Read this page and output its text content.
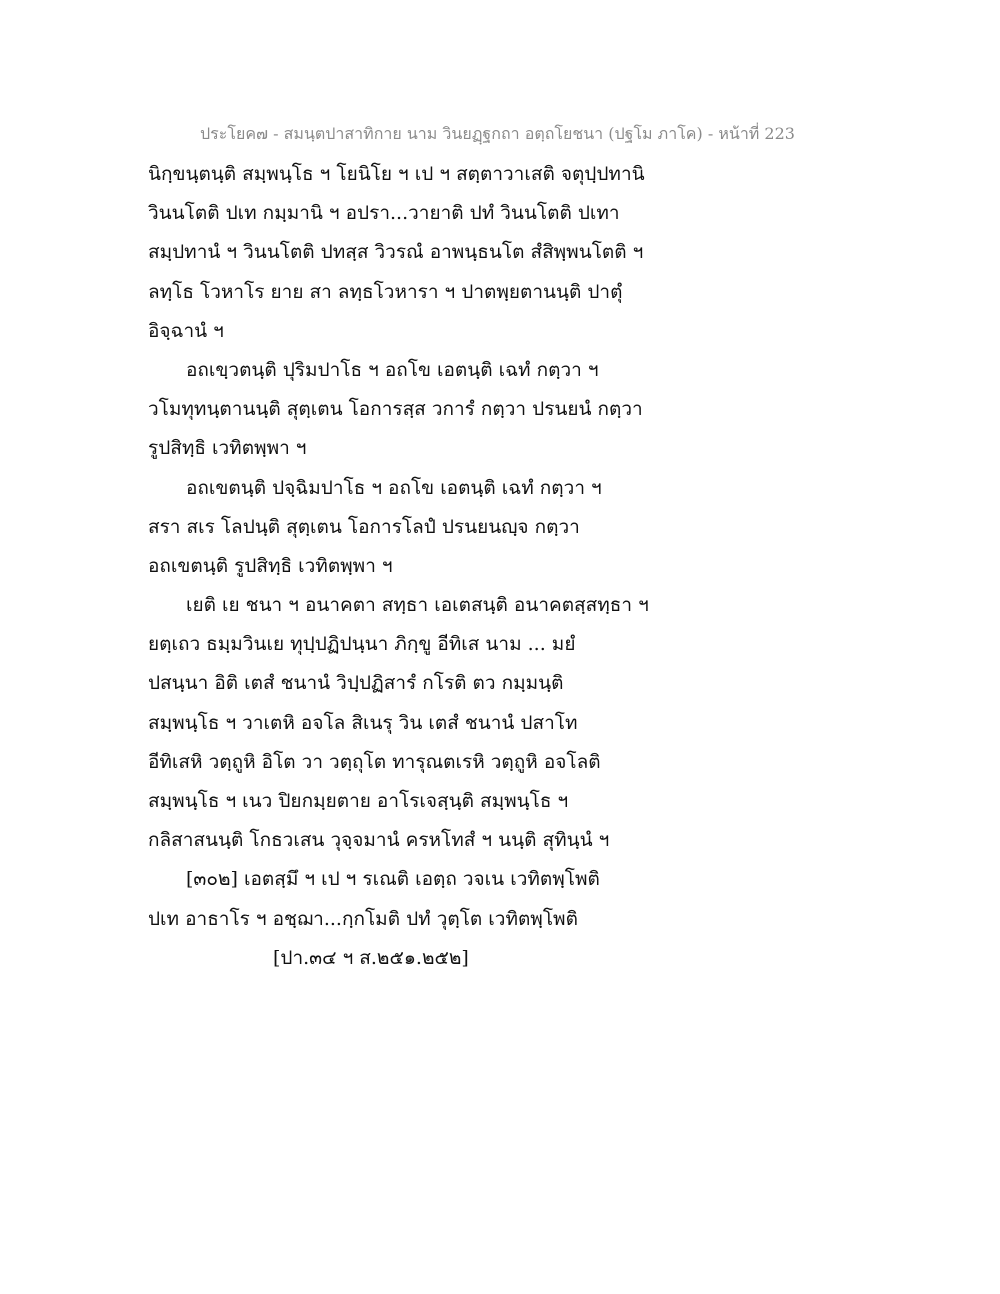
ประโยค๗ - สมนฺตปาสาทิกาย นาม วินยฏฺฐกถา อตฺถโยชนา (ปฐโม ภาโค) - หน้าที่ 223
นิกฺขนฺตนฺติ สมฺพนฺโธ ฯ โยนิโย ฯ เป ฯ สตฺตาวาเสติ จตุปฺปทานิ
วินนโตติ ปเท กมฺมานิ ฯ อปรา...วายาติ ปทํ วินนโตติ ปเทา
สมฺปทานํ ฯ วินนโตติ ปทสฺส วิวรณํ อาพนฺธนโต สํสิพฺพนโตติ ฯ
ลทฺโธ โวหาโร ยาย สา ลทฺธโวหารา ฯ ปาตพฺยตานนฺติ ปาตุํ
อิจฺฉานํ ฯ
อถเขฺวตนฺติ ปุริมปาโธ ฯ อถโข เอตนฺติ เฉทํ กตฺวา ฯ
วโมทุทนฺตานนฺติ สุตฺเตน โอการสฺส วการํ กตฺวา ปรนยนํ กตฺวา
รูปสิทฺธิ เวทิตพฺพา ฯ
อถเขตนฺติ ปจฺฉิมปาโธ ฯ อถโข เอตนฺติ เฉทํ กตฺวา ฯ
สรา สเร โลปนฺติ สุตฺเตน โอการโลปํ ปรนยนญฺจ กตฺวา
อถเขตนฺติ รูปสิทฺธิ เวทิตพฺพา ฯ
เยติ เย ชนา ฯ อนาคตา สทฺธา เอเตสนฺติ อนาคตสฺสทฺธา ฯ
ยตฺเถว ธมฺมวินเย ทุปฺปฏิปนฺนา ภิกฺขู อีทิเส นาม ... มยํ
ปสนฺนา อิติ เตสํ ชนานํ วิปฺปฏิสารํ กโรติ ตว กมฺมนฺติ
สมฺพนฺโธ ฯ วาเตหิ อจโล สิเนรุ วิน เตสํ ชนานํ ปสาโท
อีทิเสหิ วตฺถูหิ อิโต วา วตฺถุโต ทารุณตเรหิ วตฺถูหิ อจโลติ
สมฺพนฺโธ ฯ เนว ปิยกมฺยตาย อาโรเจสฺนฺติ สมฺพนฺโธ ฯ
กลิสาสนนฺติ โกธวเสน วุจฺจมานํ ครหโทสํ ฯ นนฺติ สุทินฺนํ ฯ
[๓๐๒] เอตสฺมึ ฯ เป ฯ รเณติ เอตฺถ วจเน เวทิตพฺโพติ
ปเท อาธาโร ฯ อชฺฌา...กฺกโมติ ปทํ วุตฺโต เวทิตพฺโพติ
[ปา.๓๔ ฯ ส.๒๕๑.๒๕๒]
